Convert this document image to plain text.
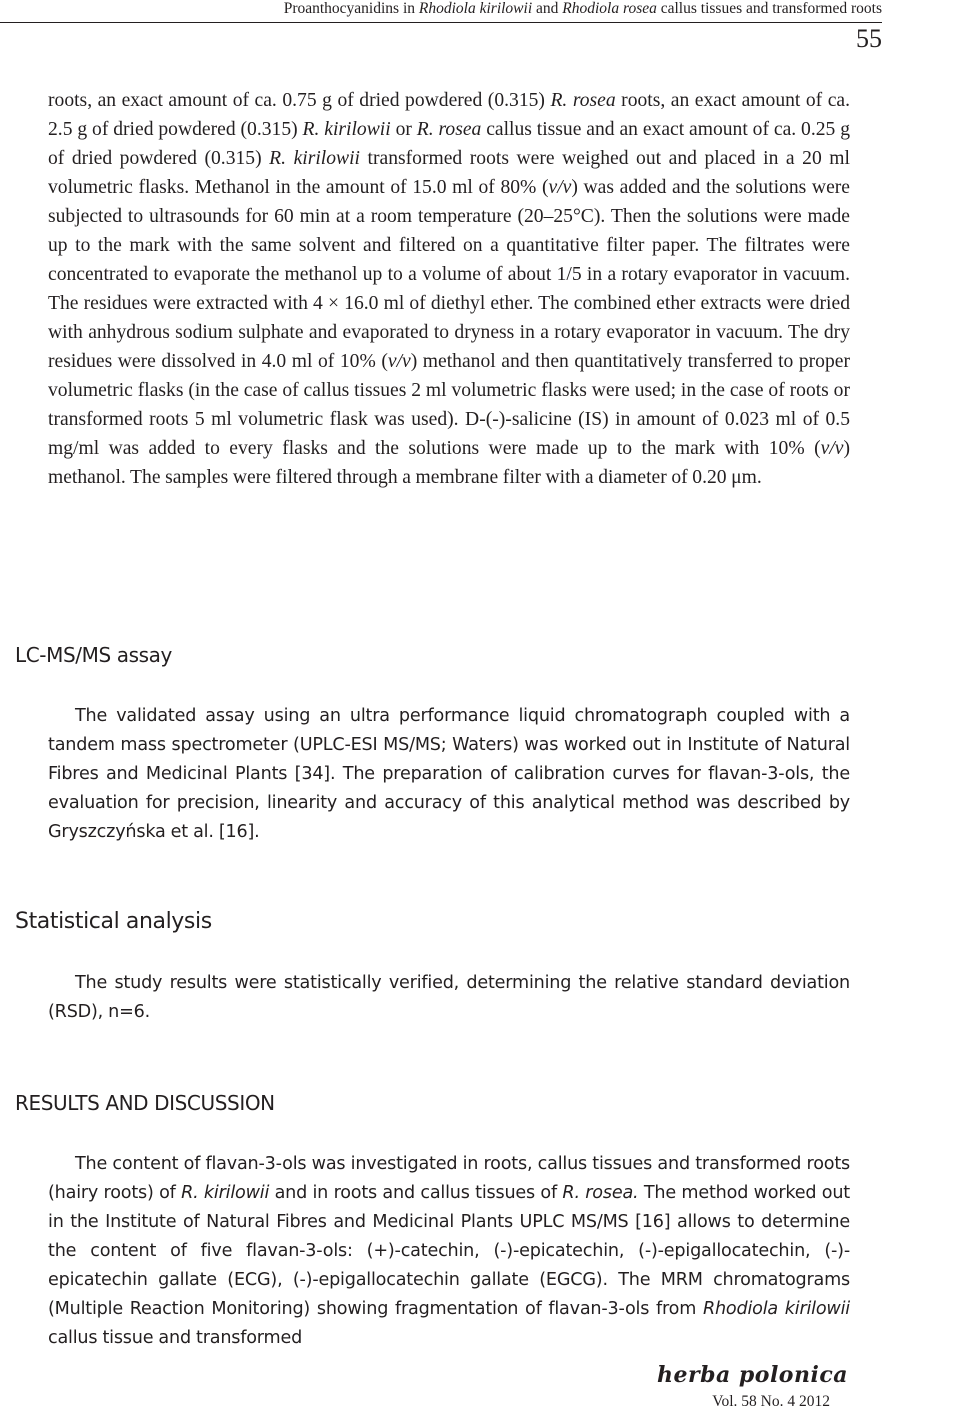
Proanthocyanidins in Rhodiola kirilowii and Rhodiola rosea callus tissues and transformed roots
55

roots, an exact amount of ca. 0.75 g of dried powdered (0.315) R. rosea roots, an exact amount of ca. 2.5 g of dried powdered (0.315) R. kirilowii or R. rosea callus tissue and an exact amount of ca. 0.25 g of dried powdered (0.315) R. kirilowii transformed roots were weighed out and placed in a 20 ml volumetric flasks. Methanol in the amount of 15.0 ml of 80% (v/v) was added and the solutions were subjected to ultrasounds for 60 min at a room temperature (20–25°C). Then the solutions were made up to the mark with the same solvent and filtered on a quantitative filter paper. The filtrates were concentrated to evaporate the methanol up to a volume of about 1/5 in a rotary evaporator in vacuum. The residues were extracted with 4 × 16.0 ml of diethyl ether. The combined ether extracts were dried with anhydrous sodium sulphate and evaporated to dryness in a rotary evaporator in vacuum. The dry residues were dissolved in 4.0 ml of 10% (v/v) methanol and then quantitatively transferred to proper volumetric flasks (in the case of callus tissues 2 ml volumetric flasks were used; in the case of roots or transformed roots 5 ml volumetric flask was used). D-(-)-salicine (IS) in amount of 0.023 ml of 0.5 mg/ml was added to every flasks and the solutions were made up to the mark with 10% (v/v) methanol. The samples were filtered through a membrane filter with a diameter of 0.20 μm.

LC-MS/MS assay

The validated assay using an ultra performance liquid chromatograph coupled with a tandem mass spectrometer (UPLC-ESI MS/MS; Waters) was worked out in Institute of Natural Fibres and Medicinal Plants [34]. The preparation of calibration curves for flavan-3-ols, the evaluation for precision, linearity and accuracy of this analytical method was described by Gryszczyńska et al. [16].

Statistical analysis

The study results were statistically verified, determining the relative standard deviation (RSD), n=6.

RESULTS AND DISCUSSION

The content of flavan-3-ols was investigated in roots, callus tissues and transformed roots (hairy roots) of R. kirilowii and in roots and callus tissues of R. rosea. The method worked out in the Institute of Natural Fibres and Medicinal Plants UPLC MS/MS [16] allows to determine the content of five flavan-3-ols: (+)-catechin, (-)-epicatechin, (-)-epigallocatechin, (-)-epicatechin gallate (ECG), (-)-epigallocatechin gallate (EGCG). The MRM chromatograms (Multiple Reaction Monitoring) showing fragmentation of flavan-3-ols from Rhodiola kirilowii callus tissue and transformed

herba polonica
Vol. 58 No. 4 2012
